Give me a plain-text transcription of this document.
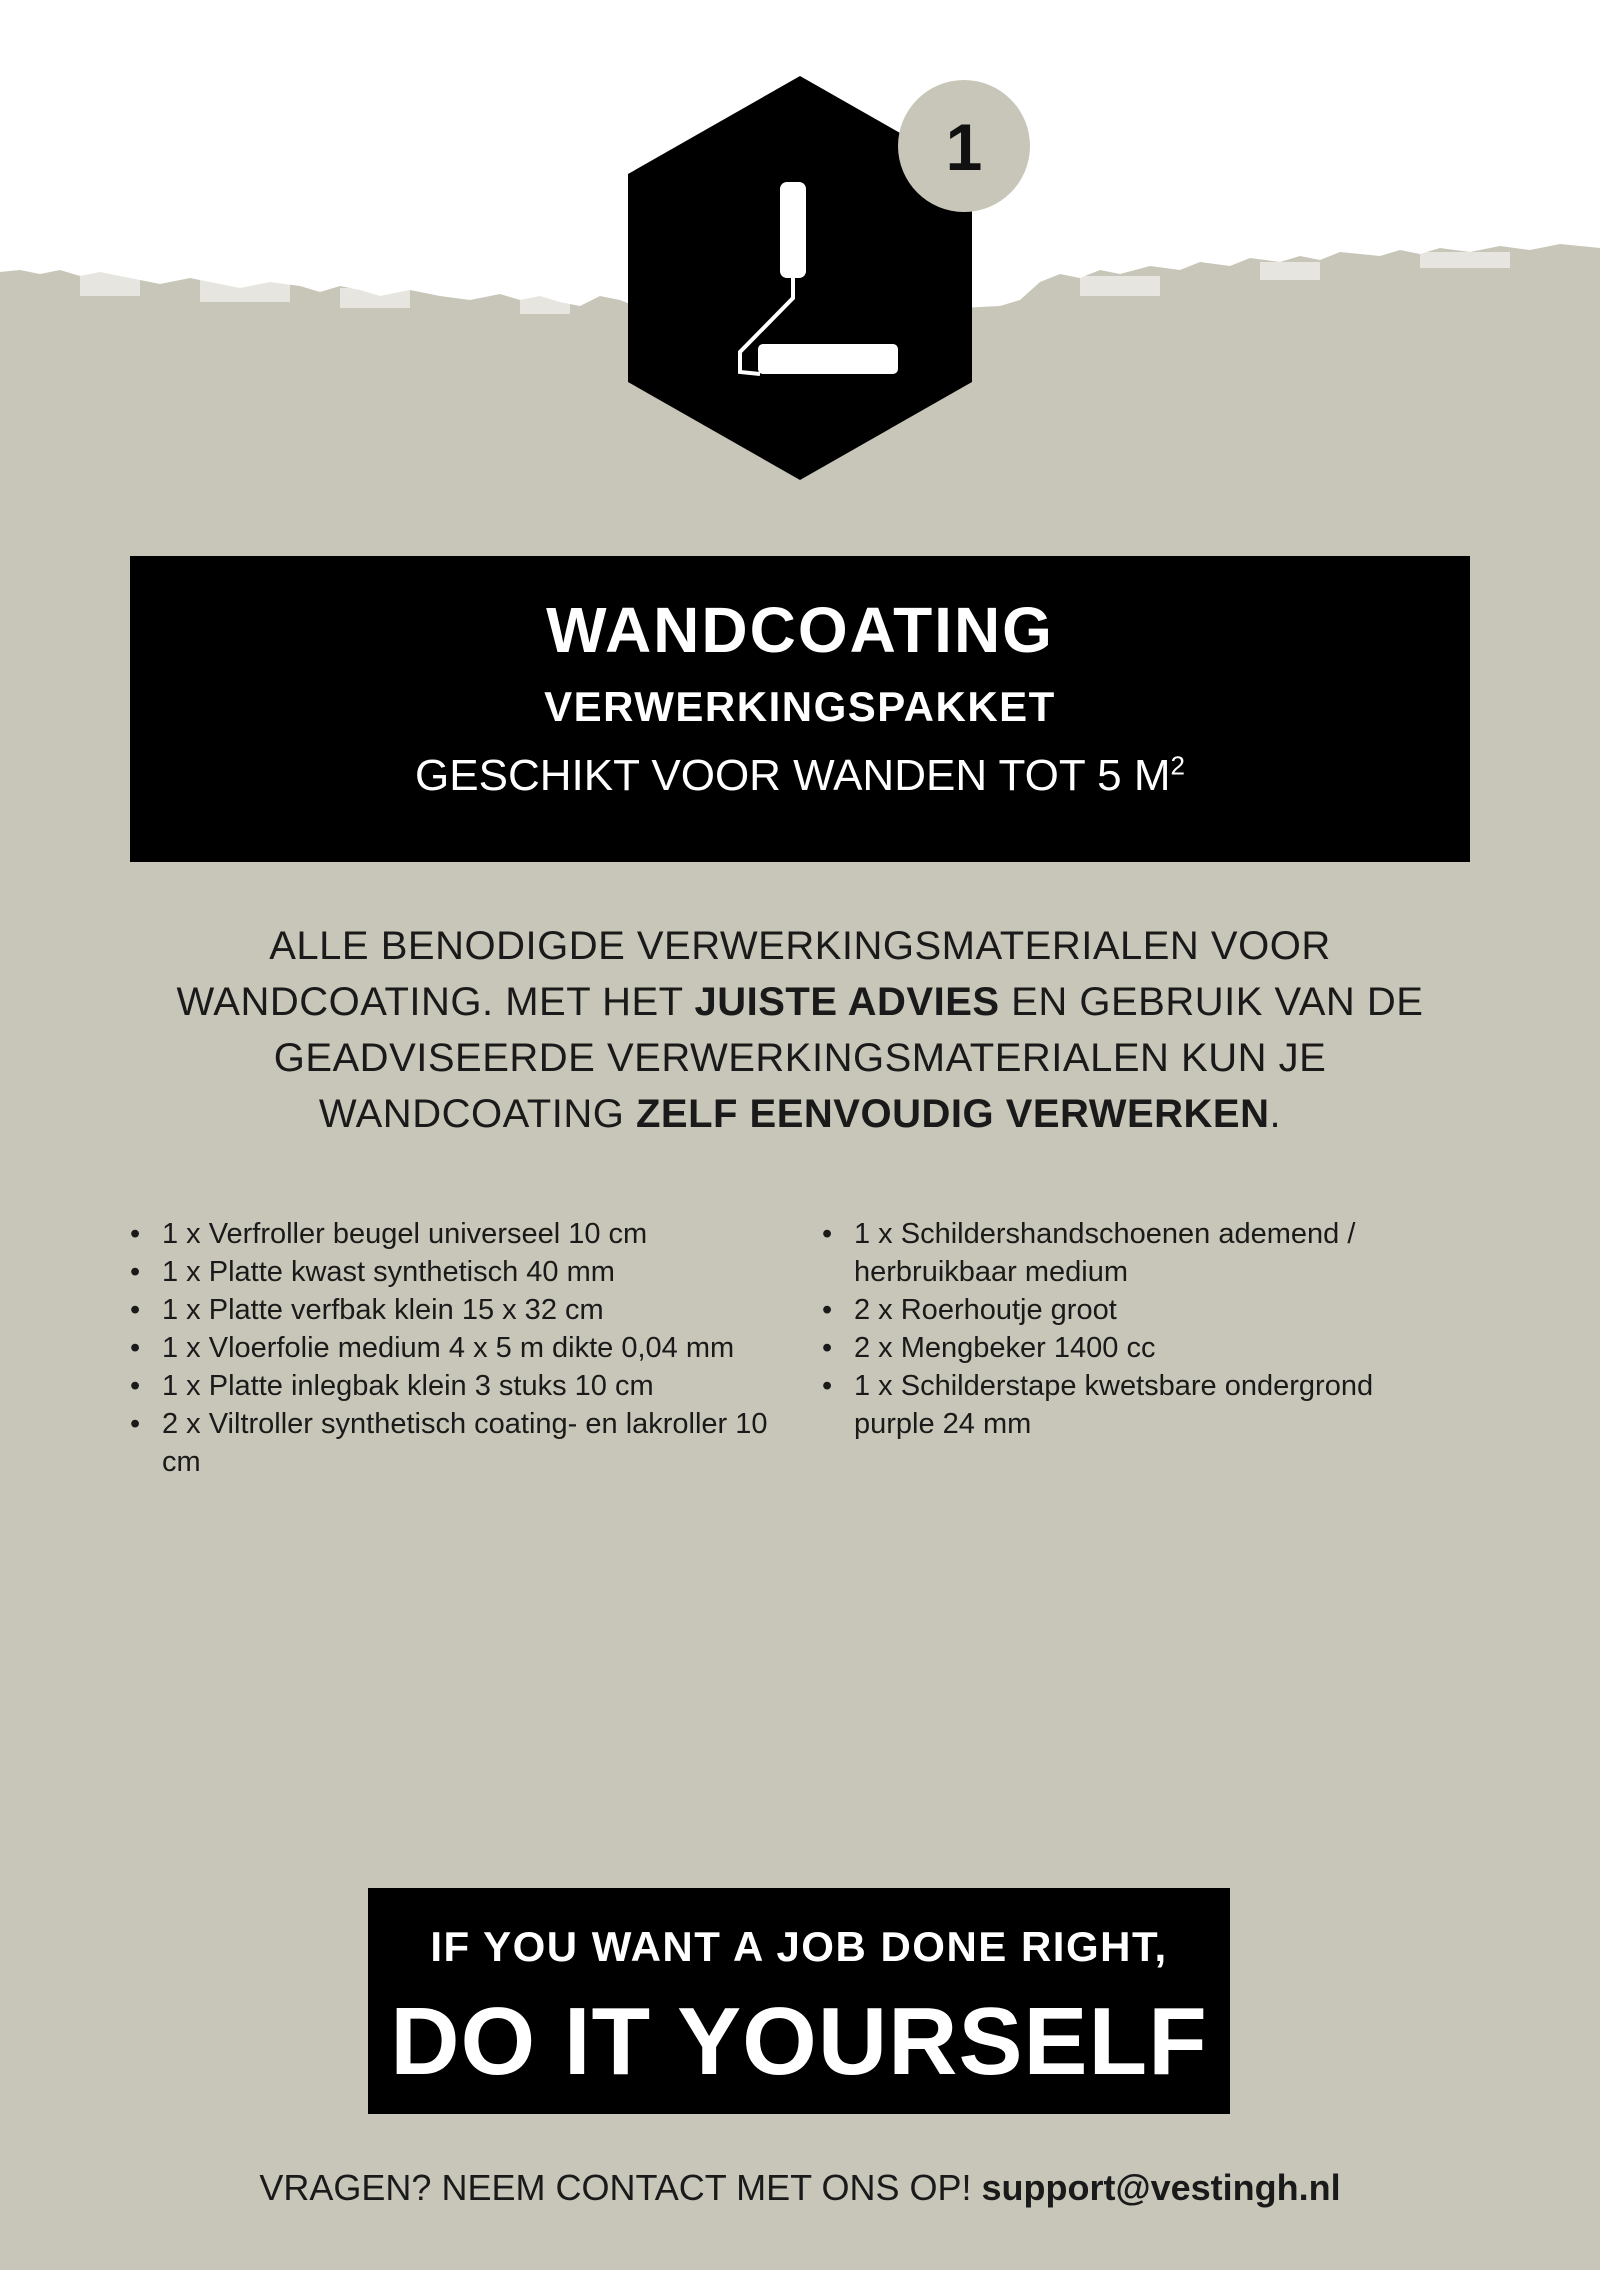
1

WANDCOATING

VERWERKINGSPAKKET

GESCHIKT VOOR WANDEN TOT 5 $M^2$

ALLE BENODIGDE VERWERKINGSMATERIALEN VOOR WANDCOATING. MET HET JUISTE ADVIES EN GEBRUIK VAN DE GEADVISEERDE VERWERKINGSMATERIALEN KUN JE WANDCOATING ZELF EENVOUDIG VERWERKEN.
• 1 x Verfroller beugel universeel 10 cm
• 1 x Platte kwast synthetisch 40 mm
• 1 x Platte verfbak klein 15 x 32 cm
• 1 x Vloerfolie medium 4 x 5 m dikte 0,04 mm
• 1 x Platte inlegbak klein 3 stuks 10 cm
• 2 x Viltroller synthetisch coating- en lakroller 10 cm
• 1 x Schildershandschoenen ademend / herbruikbaar medium
• 2 x Roerhoutje groot
• 2 x Mengbeker 1400 cc
• 1 x Schilderstape kwetsbare ondergrond purple 24 mm

IF YOU WANT A JOB DONE RIGHT,

DO IT YOURSELF

VRAGEN? NEEM CONTACT MET ONS OP! support@vestingh.nl
